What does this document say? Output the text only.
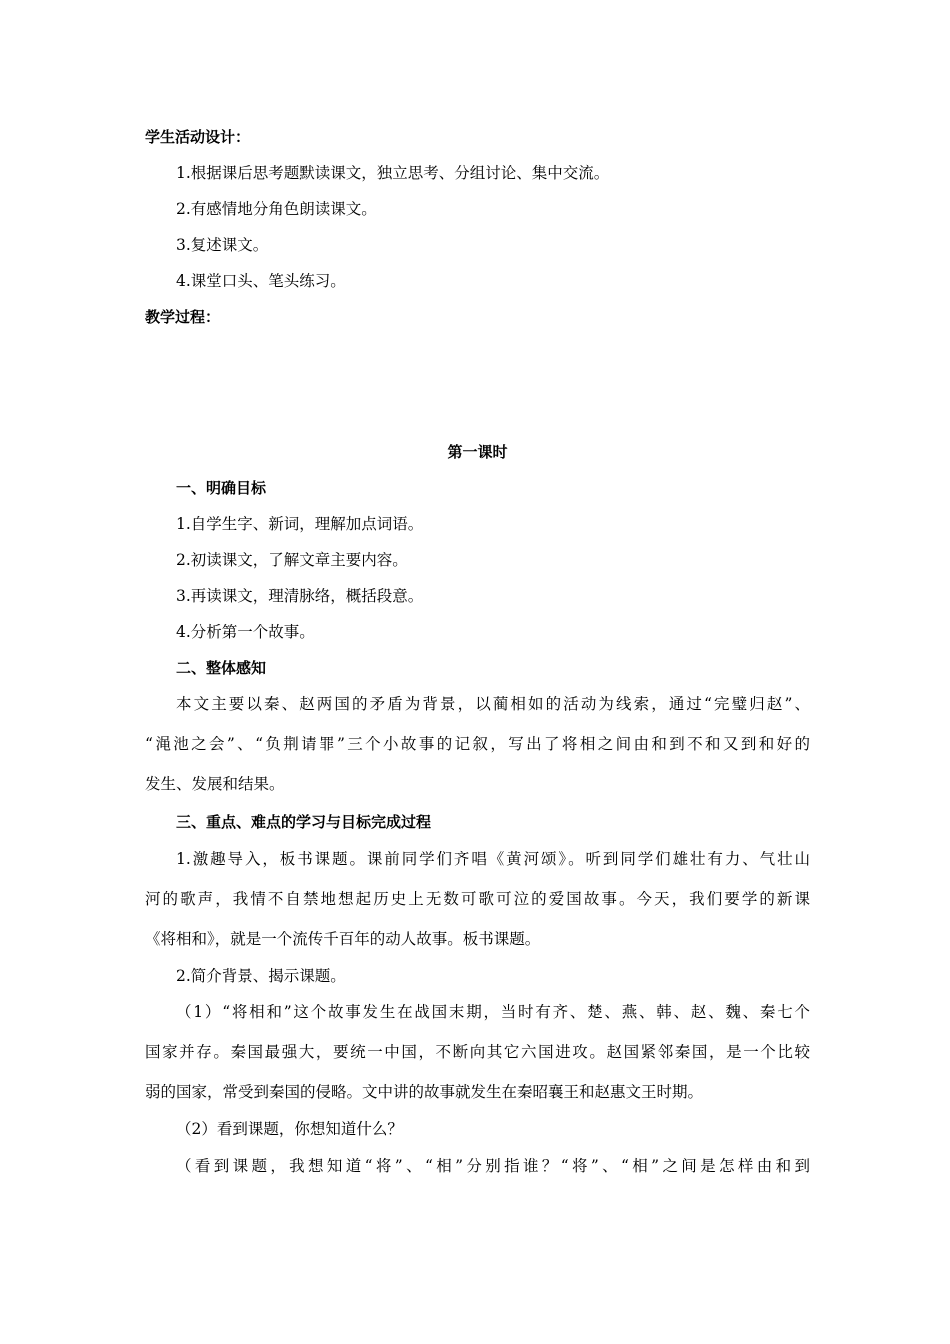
学生活动设计：
1.根据课后思考题默读课文，独立思考、分组讨论、集中交流。
2.有感情地分角色朗读课文。
3.复述课文。
4.课堂口头、笔头练习。
教学过程：
第一课时
一、明确目标
1.自学生字、新词，理解加点词语。
2.初读课文，了解文章主要内容。
3.再读课文，理清脉络，概括段意。
4.分析第一个故事。
二、整体感知
本文主要以秦、赵两国的矛盾为背景，以蔺相如的活动为线索，通过“完璧归赵”、
“渑池之会”、“负荆请罪”三个小故事的记叙，写出了将相之间由和到不和又到和好的
发生、发展和结果。
三、重点、难点的学习与目标完成过程
1.激趣导入，板书课题。课前同学们齐唱《黄河颂》。听到同学们雄壮有力、气壮山
河的歌声，我情不自禁地想起历史上无数可歌可泣的爱国故事。今天，我们要学的新课
《将相和》，就是一个流传千百年的动人故事。板书课题。
2.简介背景、揭示课题。
（1）“将相和”这个故事发生在战国末期，当时有齐、楚、燕、韩、赵、魏、秦七个
国家并存。秦国最强大，要统一中国，不断向其它六国进攻。赵国紧邻秦国，是一个比较
弱的国家，常受到秦国的侵略。文中讲的故事就发生在秦昭襄王和赵惠文王时期。
（2）看到课题，你想知道什么？
（看到课题，我想知道“将”、“相”分别指谁？“将”、“相”之间是怎样由和到
